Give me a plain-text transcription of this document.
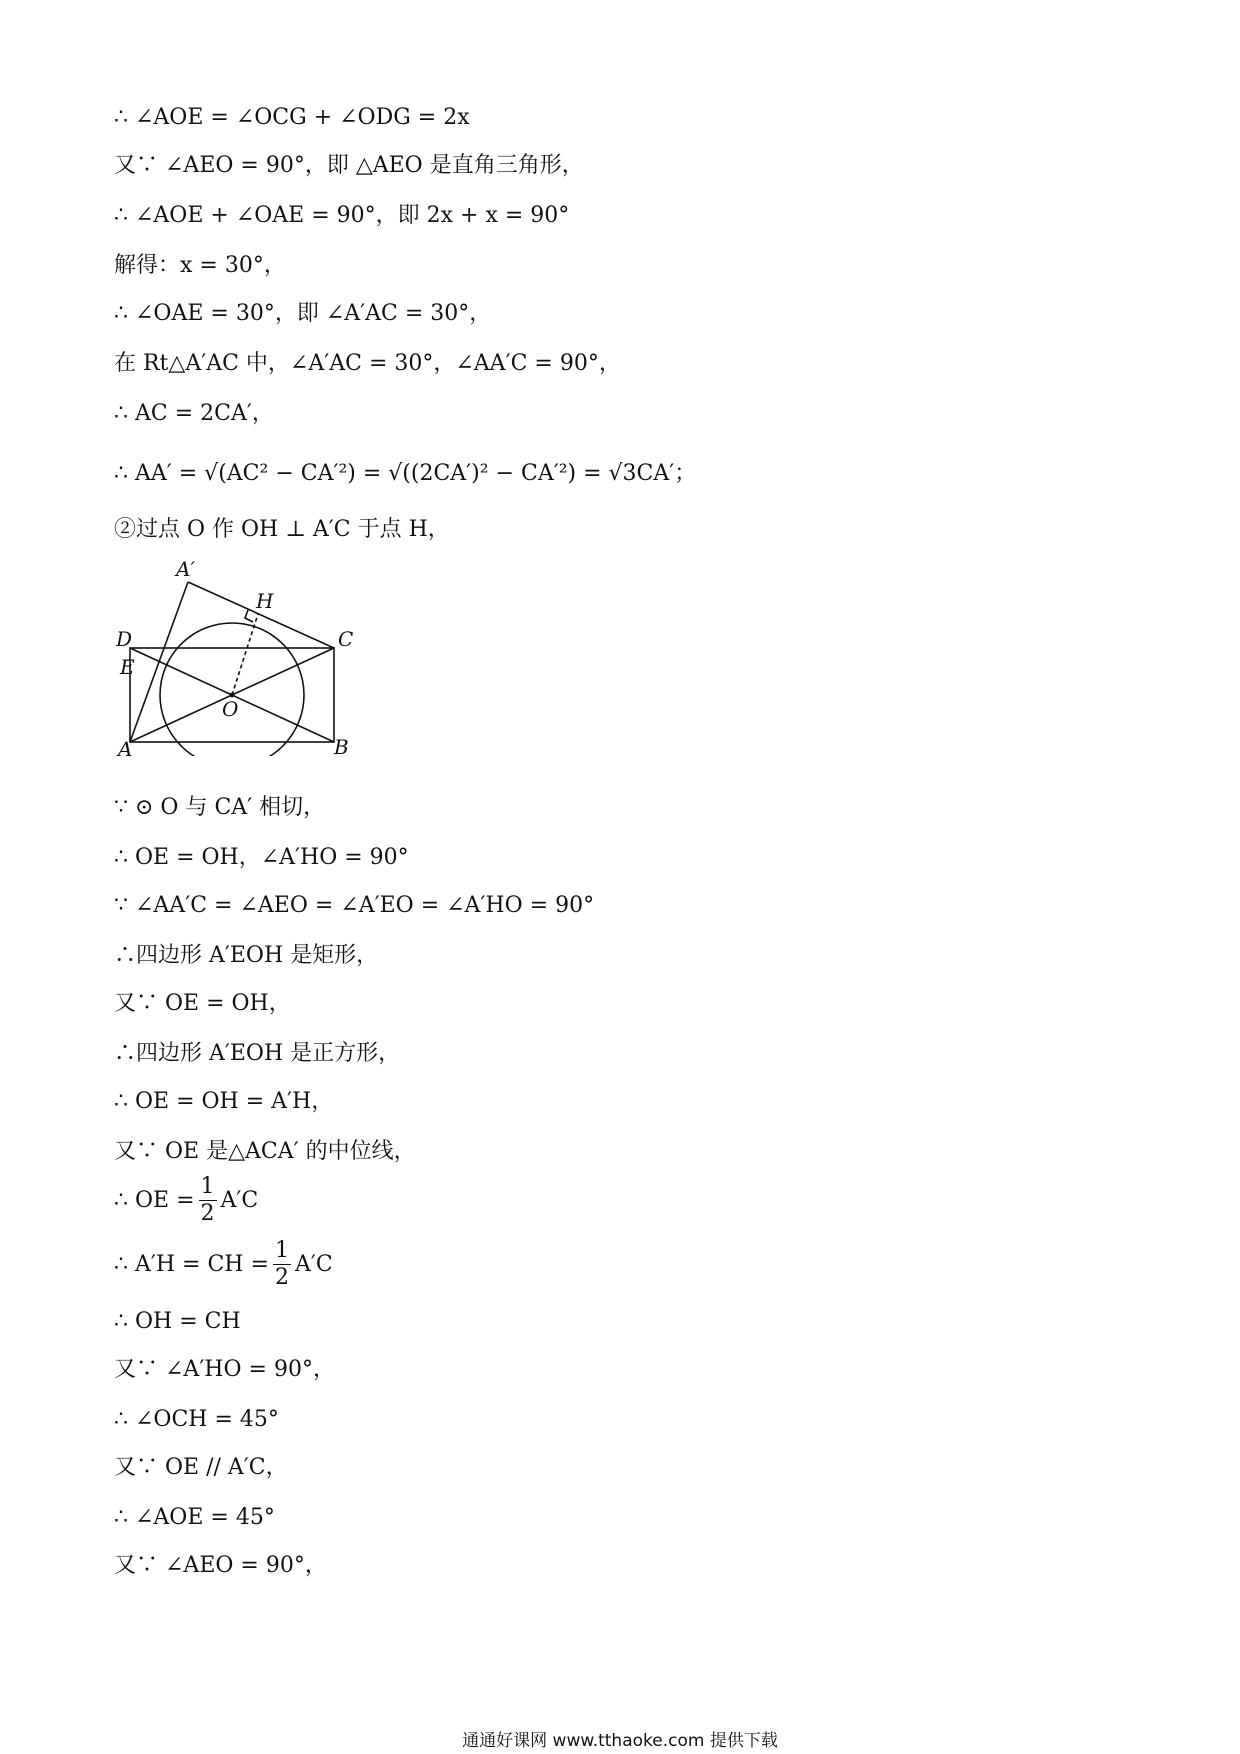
∴ ∠AOE = ∠OCG + ∠ODG = 2x
又∵ ∠AEO = 90°，即 △AEO 是直角三角形，
∴ ∠AOE + ∠OAE = 90°，即 2x + x = 90°
解得：x = 30°，
∴ ∠OAE = 30°，即 ∠A′AC = 30°，
在 Rt△A′AC 中，∠A′AC = 30°，∠AA′C = 90°，
∴ AC = 2CA′，
∴ AA′ = √(AC² − CA′²) = √((2CA′)² − CA′²) = √3CA′；
②过点 O 作 OH ⊥ A′C 于点 H，
A′
H
D	C
E
O
A	B
∵ ⊙ O 与 CA′ 相切，
∴ OE = OH，∠A′HO = 90°
∵ ∠AA′C = ∠AEO = ∠A′EO = ∠A′HO = 90°
∴四边形 A′EOH 是矩形，
又∵ OE = OH，
∴四边形 A′EOH 是正方形，
∴ OE = OH = A′H，
又∵ OE 是△ACA′ 的中位线，
∴ OE = $\frac{1}{2} A'C$
∴ A′H = CH = $\frac{1}{2} A'C$
∴ OH = CH
又∵ ∠A′HO = 90°，
∴ ∠OCH = 45°
又∵ OE // A′C，
∴ ∠AOE = 45°
又∵ ∠AEO = 90°，
通通好课网 www.tthaoke.com 提供下载
